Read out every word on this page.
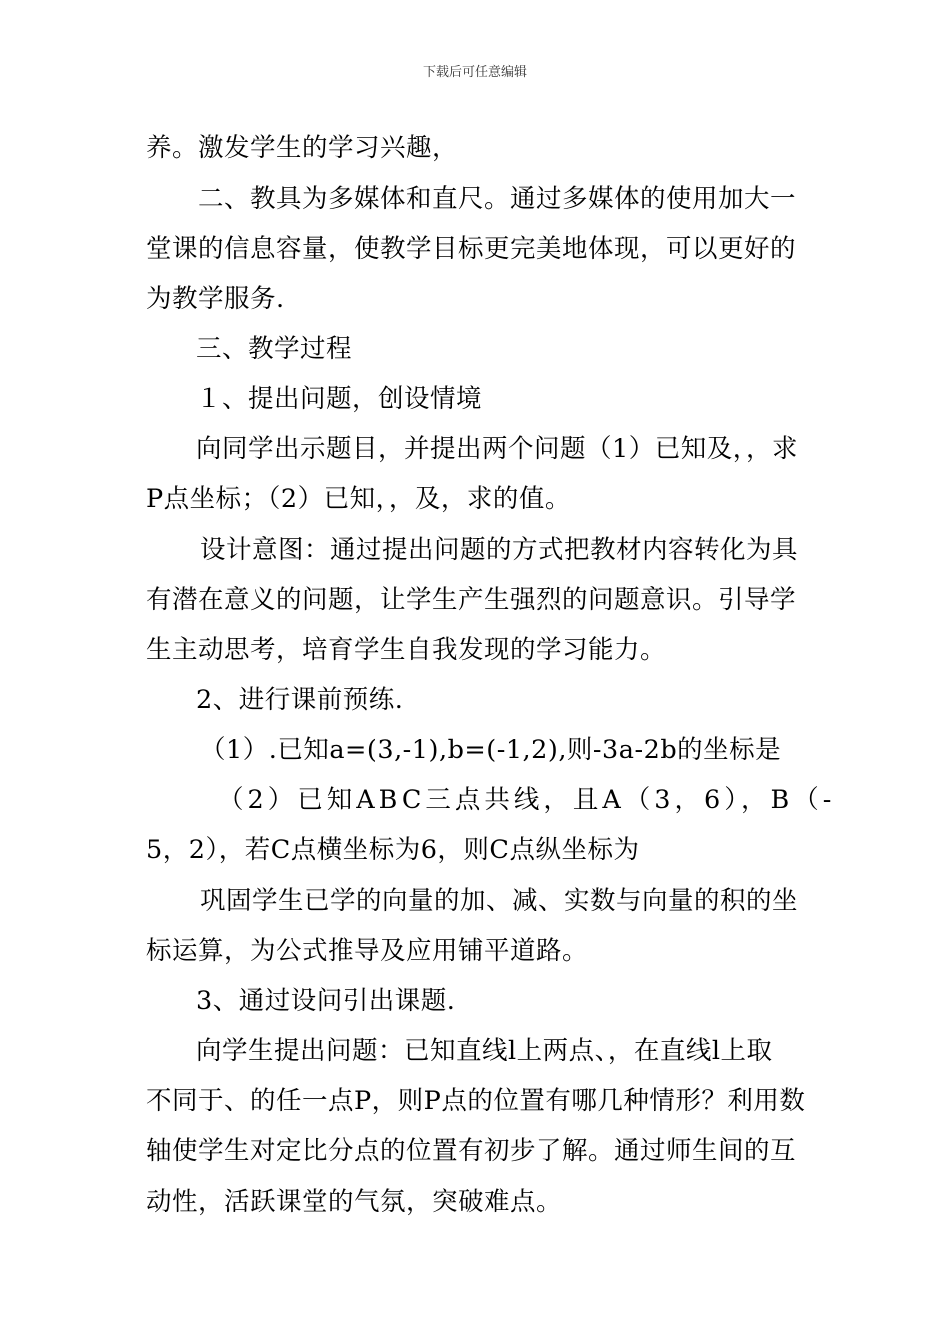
下载后可任意编辑
养。激发学生的学习兴趣，
二、教具为多媒体和直尺。通过多媒体的使用加大一
堂课的信息容量，使教学目标更完美地体现，可以更好的
为教学服务.
三、教学过程
１、提出问题，创设情境
向同学出示题目，并提出两个问题（1）已知及，，求
P点坐标；（2）已知，，及，求的值。
设计意图：通过提出问题的方式把教材内容转化为具
有潜在意义的问题，让学生产生强烈的问题意识。引导学
生主动思考，培育学生自我发现的学习能力。
2、进行课前预练.
（1）.已知a=(3,-1),b=(-1,2),则-3a-2b的坐标是
（2）已知ABC三点共线，且A（3，6），B（-
5，2），若C点横坐标为6，则C点纵坐标为
巩固学生已学的向量的加、减、实数与向量的积的坐
标运算，为公式推导及应用铺平道路。
3、通过设问引出课题.
向学生提出问题：已知直线l上两点、，在直线l上取
不同于、的任一点P，则P点的位置有哪几种情形？利用数
轴使学生对定比分点的位置有初步了解。通过师生间的互
动性，活跃课堂的气氛，突破难点。
